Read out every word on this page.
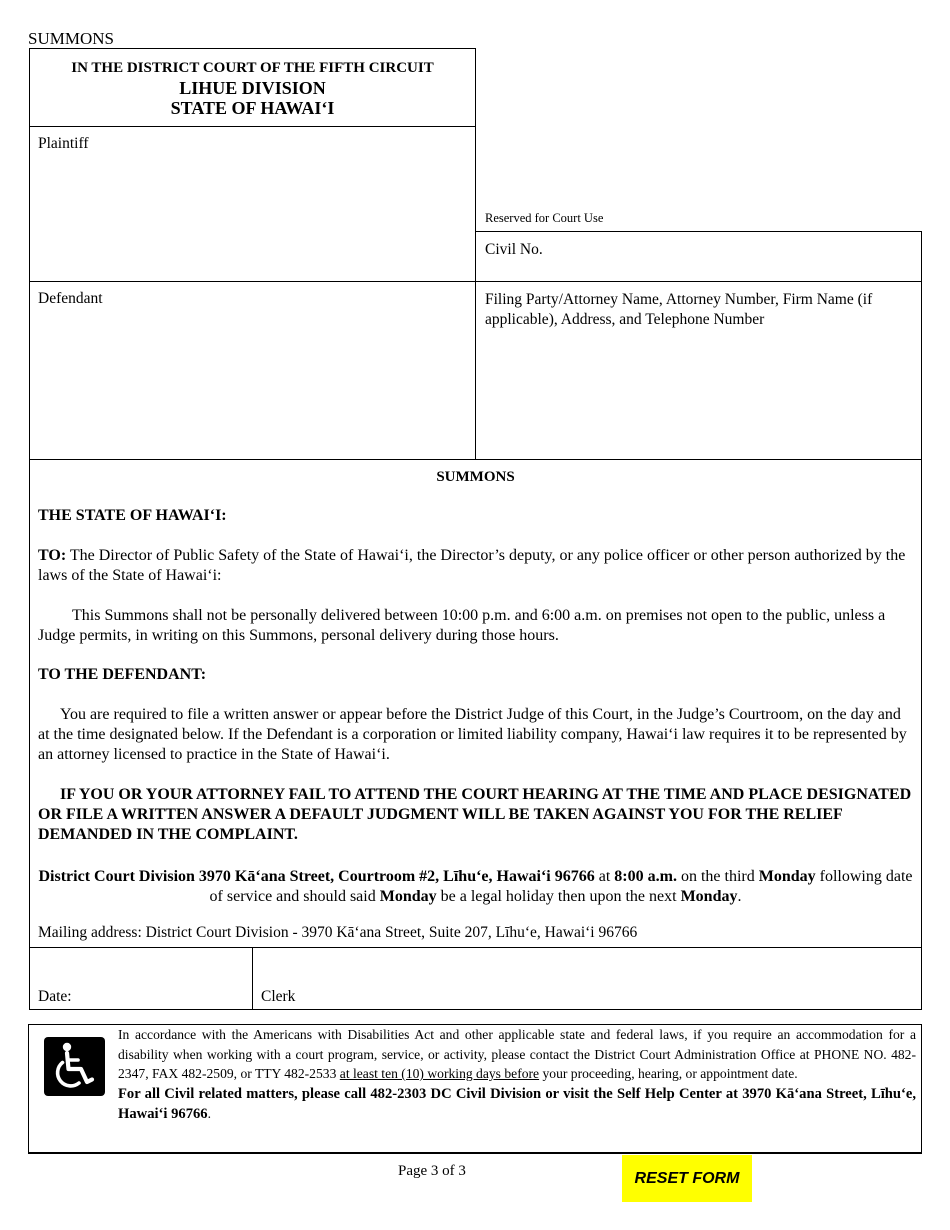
SUMMONS
IN THE DISTRICT COURT OF THE FIFTH CIRCUIT
LIHUE DIVISION
STATE OF HAWAI‘I
Plaintiff
Reserved for Court Use
Civil No.
Defendant	Filing Party/Attorney Name, Attorney Number, Firm Name (if applicable), Address, and Telephone Number
SUMMONS
THE STATE OF HAWAI‘I:
TO: The Director of Public Safety of the State of Hawai‘i, the Director’s deputy, or any police officer or other person authorized by the laws of the State of Hawai‘i:
This Summons shall not be personally delivered between 10:00 p.m. and 6:00 a.m. on premises not open to the public, unless a Judge permits, in writing on this Summons, personal delivery during those hours.
TO THE DEFENDANT:
You are required to file a written answer or appear before the District Judge of this Court, in the Judge’s Courtroom, on the day and at the time designated below. If the Defendant is a corporation or limited liability company, Hawai‘i law requires it to be represented by an attorney licensed to practice in the State of Hawai‘i.
IF YOU OR YOUR ATTORNEY FAIL TO ATTEND THE COURT HEARING AT THE TIME AND PLACE DESIGNATED OR FILE A WRITTEN ANSWER A DEFAULT JUDGMENT WILL BE TAKEN AGAINST YOU FOR THE RELIEF DEMANDED IN THE COMPLAINT.
District Court Division 3970 Kā‘ana Street, Courtroom #2, Līhu‘e, Hawai‘i 96766 at 8:00 a.m. on the third Monday following date of service and should said Monday be a legal holiday then upon the next Monday.
Mailing address: District Court Division - 3970 Kā‘ana Street, Suite 207, Līhu‘e, Hawai‘i 96766
Date:	Clerk
In accordance with the Americans with Disabilities Act and other applicable state and federal laws, if you require an accommodation for a disability when working with a court program, service, or activity, please contact the District Court Administration Office at PHONE NO. 482-2347, FAX 482-2509, or TTY 482-2533 at least ten (10) working days before your proceeding, hearing, or appointment date.
For all Civil related matters, please call 482-2303 DC Civil Division or visit the Self Help Center at 3970 Kā‘ana Street, Līhu‘e, Hawai‘i 96766.
Page 3 of 3	RESET FORM
